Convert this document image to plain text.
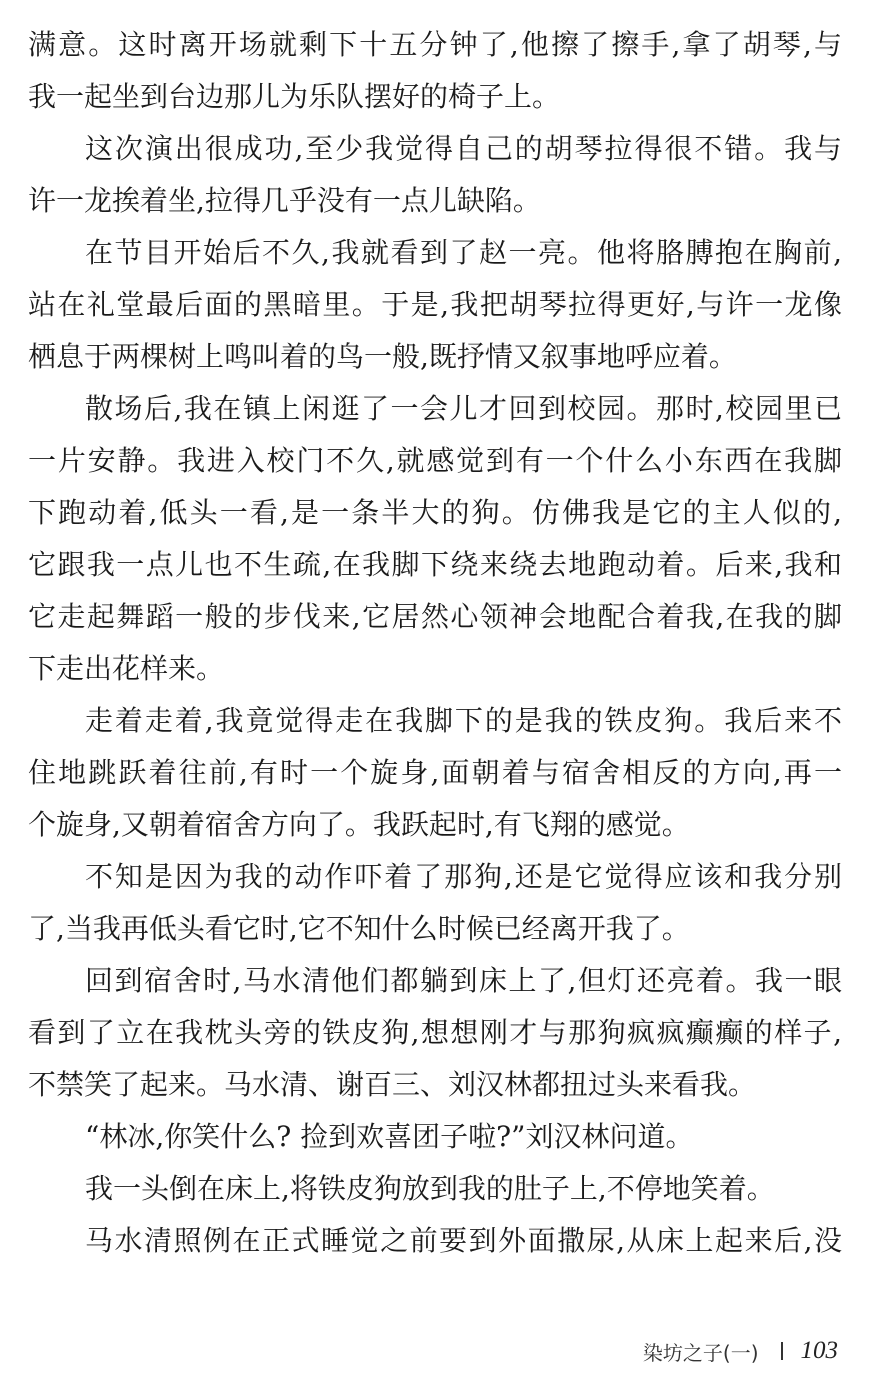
满意。这时离开场就剩下十五分钟了,他擦了擦手,拿了胡琴,与
我一起坐到台边那儿为乐队摆好的椅子上。
这次演出很成功,至少我觉得自己的胡琴拉得很不错。我与
许一龙挨着坐,拉得几乎没有一点儿缺陷。
在节目开始后不久,我就看到了赵一亮。他将胳膊抱在胸前,
站在礼堂最后面的黑暗里。于是,我把胡琴拉得更好,与许一龙像
栖息于两棵树上鸣叫着的鸟一般,既抒情又叙事地呼应着。
散场后,我在镇上闲逛了一会儿才回到校园。那时,校园里已
一片安静。我进入校门不久,就感觉到有一个什么小东西在我脚
下跑动着,低头一看,是一条半大的狗。仿佛我是它的主人似的,
它跟我一点儿也不生疏,在我脚下绕来绕去地跑动着。后来,我和
它走起舞蹈一般的步伐来,它居然心领神会地配合着我,在我的脚
下走出花样来。
走着走着,我竟觉得走在我脚下的是我的铁皮狗。我后来不
住地跳跃着往前,有时一个旋身,面朝着与宿舍相反的方向,再一
个旋身,又朝着宿舍方向了。我跃起时,有飞翔的感觉。
不知是因为我的动作吓着了那狗,还是它觉得应该和我分别
了,当我再低头看它时,它不知什么时候已经离开我了。
回到宿舍时,马水清他们都躺到床上了,但灯还亮着。我一眼
看到了立在我枕头旁的铁皮狗,想想刚才与那狗疯疯癫癫的样子,
不禁笑了起来。马水清、谢百三、刘汉林都扭过头来看我。
“林冰,你笑什么? 捡到欢喜团子啦?”刘汉林问道。
我一头倒在床上,将铁皮狗放到我的肚子上,不停地笑着。
马水清照例在正式睡觉之前要到外面撒尿,从床上起来后,没
染坊之子(一) 103
